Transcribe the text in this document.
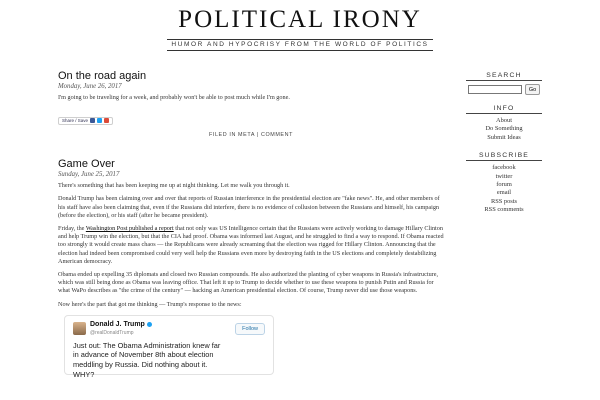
POLITICAL IRONY
HUMOR AND HYPOCRISY FROM THE WORLD OF POLITICS
On the road again
Monday, June 26, 2017
I'm going to be traveling for a week, and probably won't be able to post much while I'm gone.
Share / Save
FILED IN META | COMMENT
Game Over
Sunday, June 25, 2017
There's something that has been keeping me up at night thinking. Let me walk you through it.
Donald Trump has been claiming over and over that reports of Russian interference in the presidential election are "fake news". He, and other members of his staff have also been claiming that, even if the Russians did interfere, there is no evidence of collusion between the Russians and himself, his campaign (before the election), or his staff (after he became president).
Friday, the Washington Post published a report that not only was US Intelligence certain that the Russians were actively working to damage Hillary Clinton and help Trump win the election, but that the CIA had proof. Obama was informed last August, and he struggled to find a way to respond. If Obama reacted too strongly it would create mass chaos — the Republicans were already screaming that the election was rigged for Hillary Clinton. Announcing that the election had indeed been compromised could very well help the Russians even more by destroying faith in the US elections and completely destabilizing American democracy.
Obama ended up expelling 35 diplomats and closed two Russian compounds. He also authorized the planting of cyber weapons in Russia's infrastructure, which was still being done as Obama was leaving office. That left it up to Trump to decide whether to use these weapons to punish Putin and Russia for what WaPo describes as "the crime of the century" — hacking an American presidential election. Of course, Trump never did use those weapons.
Now here's the part that got me thinking — Trump's response to the news:
Donald J. Trump
@realDonaldTrump
Follow
Just out: The Obama Administration knew far in advance of November 8th about election meddling by Russia. Did nothing about it. WHY?
SEARCH
Go
INFO
About
Do Something
Submit Ideas
SUBSCRIBE
facebook
twitter
forum
email
RSS posts
RSS comments
